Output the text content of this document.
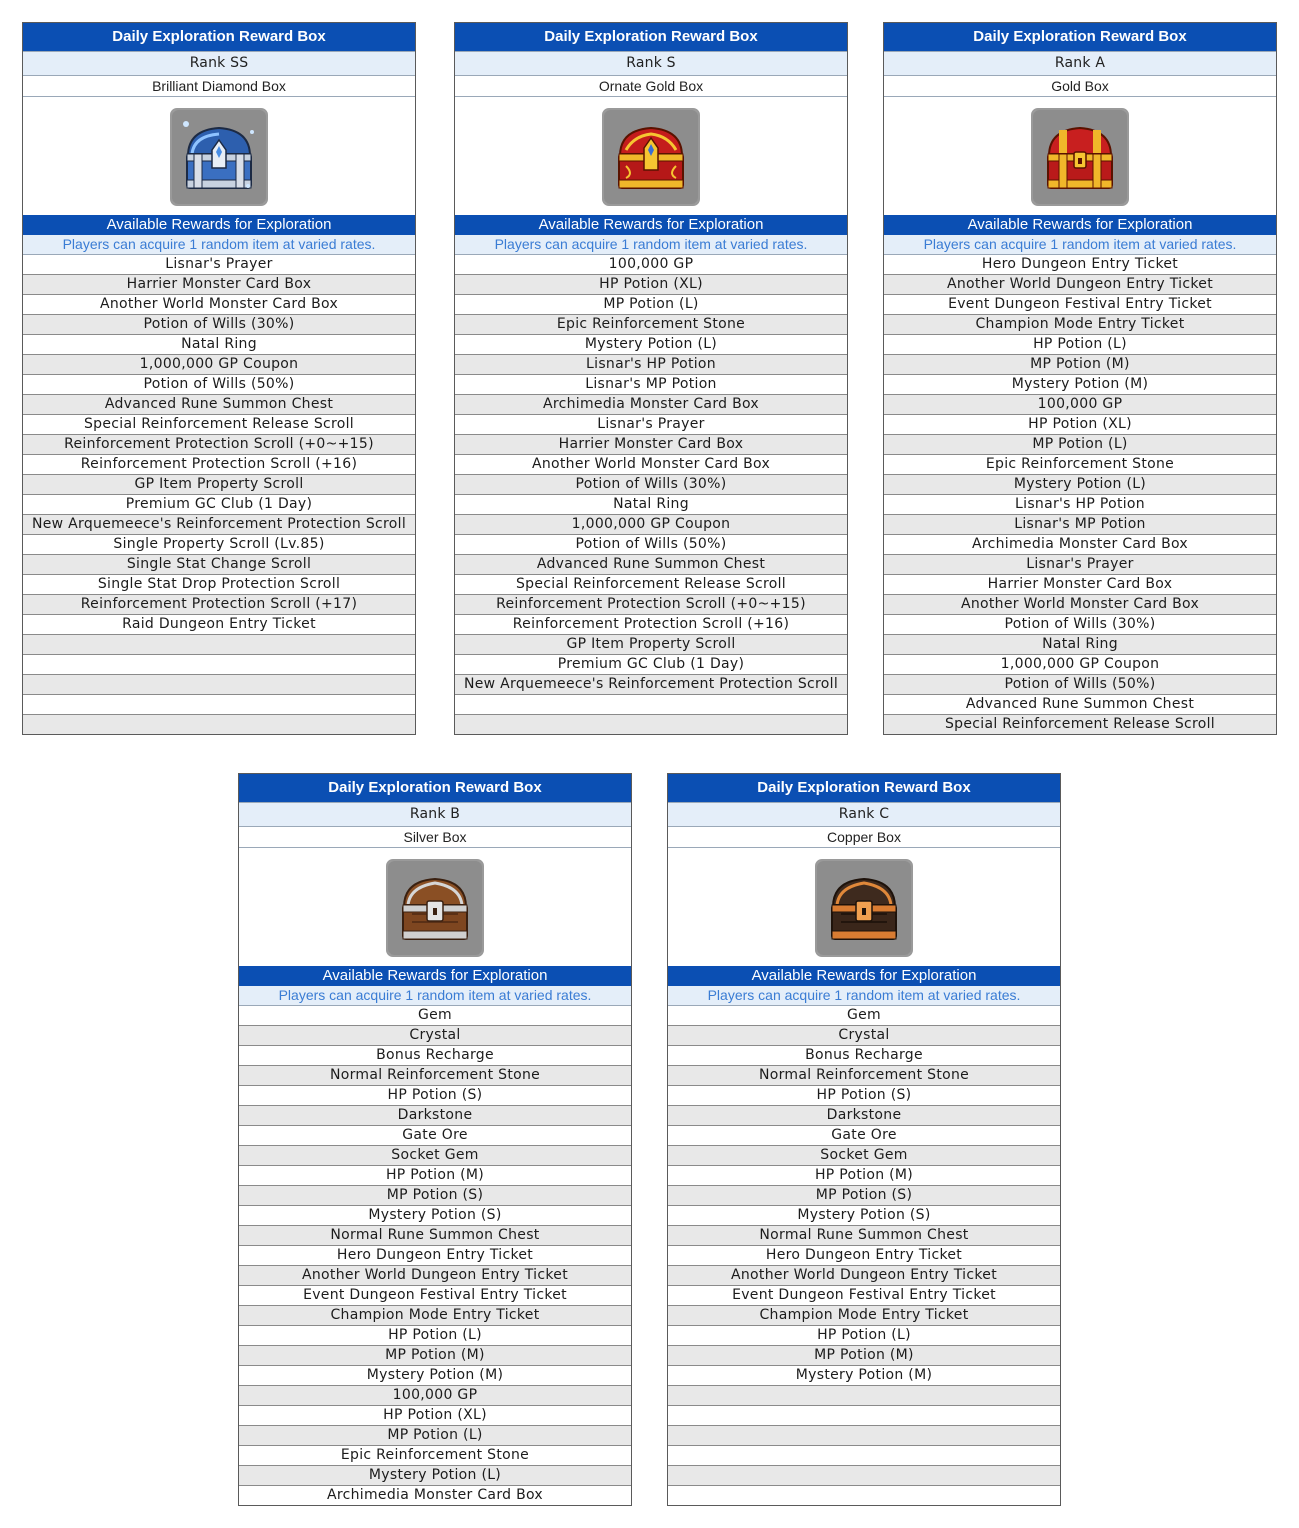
Daily Exploration Reward Box
Rank SS
Brilliant Diamond Box
Available Rewards for Exploration
Players can acquire 1 random item at varied rates.
Lisnar's Prayer
Harrier Monster Card Box
Another World Monster Card Box
Potion of Wills (30%)
Natal Ring
1,000,000 GP Coupon
Potion of Wills (50%)
Advanced Rune Summon Chest
Special Reinforcement Release Scroll
Reinforcement Protection Scroll (+0~+15)
Reinforcement Protection Scroll (+16)
GP Item Property Scroll
Premium GC Club (1 Day)
New Arquemeece's Reinforcement Protection Scroll
Single Property Scroll (Lv.85)
Single Stat Change Scroll
Single Stat Drop Protection Scroll
Reinforcement Protection Scroll (+17)
Raid Dungeon Entry Ticket
Daily Exploration Reward Box
Rank S
Ornate Gold Box
Available Rewards for Exploration
Players can acquire 1 random item at varied rates.
100,000 GP
HP Potion (XL)
MP Potion (L)
Epic Reinforcement Stone
Mystery Potion (L)
Lisnar's HP Potion
Lisnar's MP Potion
Archimedia Monster Card Box
Lisnar's Prayer
Harrier Monster Card Box
Another World Monster Card Box
Potion of Wills (30%)
Natal Ring
1,000,000 GP Coupon
Potion of Wills (50%)
Advanced Rune Summon Chest
Special Reinforcement Release Scroll
Reinforcement Protection Scroll (+0~+15)
Reinforcement Protection Scroll (+16)
GP Item Property Scroll
Premium GC Club (1 Day)
New Arquemeece's Reinforcement Protection Scroll
Daily Exploration Reward Box
Rank A
Gold Box
Available Rewards for Exploration
Players can acquire 1 random item at varied rates.
Hero Dungeon Entry Ticket
Another World Dungeon Entry Ticket
Event Dungeon Festival Entry Ticket
Champion Mode Entry Ticket
HP Potion (L)
MP Potion (M)
Mystery Potion (M)
100,000 GP
HP Potion (XL)
MP Potion (L)
Epic Reinforcement Stone
Mystery Potion (L)
Lisnar's HP Potion
Lisnar's MP Potion
Archimedia Monster Card Box
Lisnar's Prayer
Harrier Monster Card Box
Another World Monster Card Box
Potion of Wills (30%)
Natal Ring
1,000,000 GP Coupon
Potion of Wills (50%)
Advanced Rune Summon Chest
Special Reinforcement Release Scroll
Daily Exploration Reward Box
Rank B
Silver Box
Available Rewards for Exploration
Players can acquire 1 random item at varied rates.
Gem
Crystal
Bonus Recharge
Normal Reinforcement Stone
HP Potion (S)
Darkstone
Gate Ore
Socket Gem
HP Potion (M)
MP Potion (S)
Mystery Potion (S)
Normal Rune Summon Chest
Hero Dungeon Entry Ticket
Another World Dungeon Entry Ticket
Event Dungeon Festival Entry Ticket
Champion Mode Entry Ticket
HP Potion (L)
MP Potion (M)
Mystery Potion (M)
100,000 GP
HP Potion (XL)
MP Potion (L)
Epic Reinforcement Stone
Mystery Potion (L)
Archimedia Monster Card Box
Daily Exploration Reward Box
Rank C
Copper Box
Available Rewards for Exploration
Players can acquire 1 random item at varied rates.
Gem
Crystal
Bonus Recharge
Normal Reinforcement Stone
HP Potion (S)
Darkstone
Gate Ore
Socket Gem
HP Potion (M)
MP Potion (S)
Mystery Potion (S)
Normal Rune Summon Chest
Hero Dungeon Entry Ticket
Another World Dungeon Entry Ticket
Event Dungeon Festival Entry Ticket
Champion Mode Entry Ticket
HP Potion (L)
MP Potion (M)
Mystery Potion (M)
